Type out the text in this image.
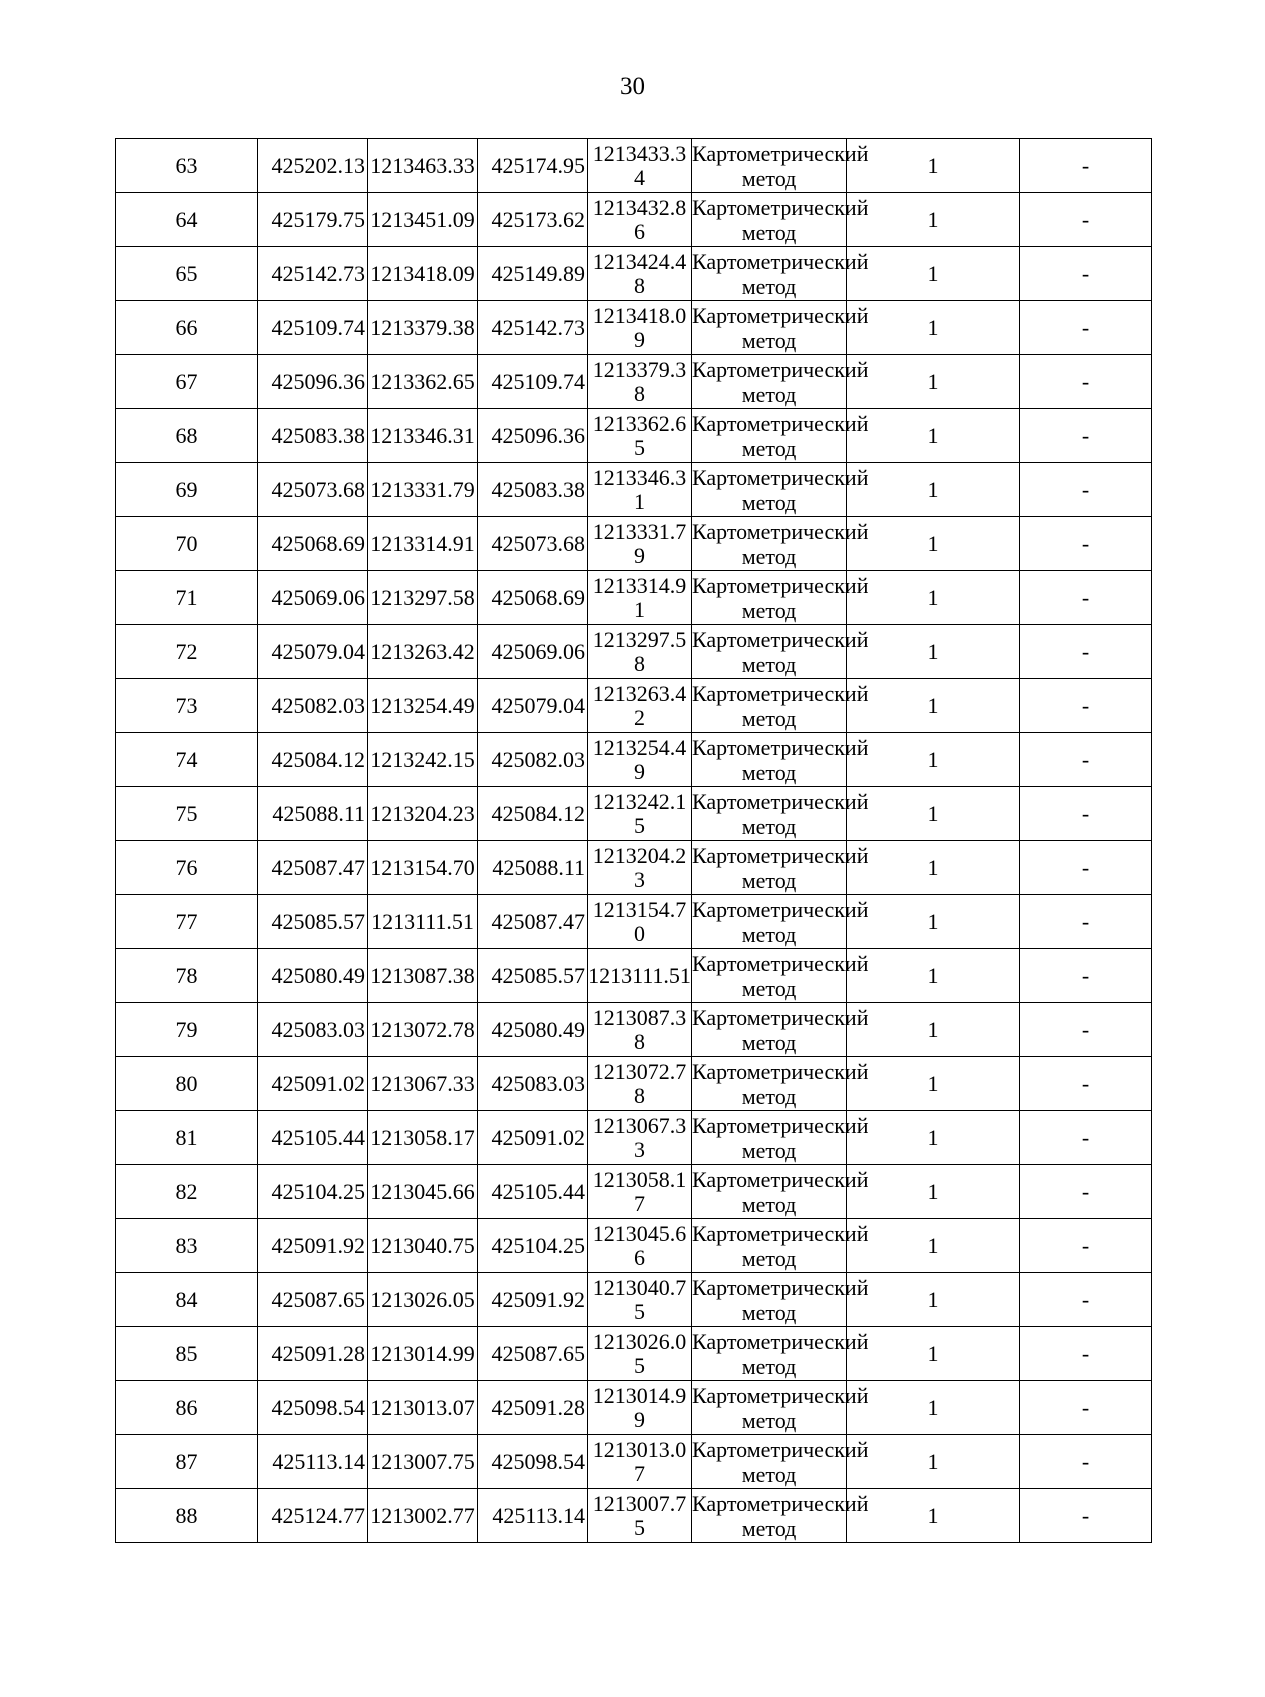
30
63	425202.13	1213463.33	425174.95	1213433.34	Картометрический метод	1	-
64	425179.75	1213451.09	425173.62	1213432.86	Картометрический метод	1	-
65	425142.73	1213418.09	425149.89	1213424.48	Картометрический метод	1	-
66	425109.74	1213379.38	425142.73	1213418.09	Картометрический метод	1	-
67	425096.36	1213362.65	425109.74	1213379.38	Картометрический метод	1	-
68	425083.38	1213346.31	425096.36	1213362.65	Картометрический метод	1	-
69	425073.68	1213331.79	425083.38	1213346.31	Картометрический метод	1	-
70	425068.69	1213314.91	425073.68	1213331.79	Картометрический метод	1	-
71	425069.06	1213297.58	425068.69	1213314.91	Картометрический метод	1	-
72	425079.04	1213263.42	425069.06	1213297.58	Картометрический метод	1	-
73	425082.03	1213254.49	425079.04	1213263.42	Картометрический метод	1	-
74	425084.12	1213242.15	425082.03	1213254.49	Картометрический метод	1	-
75	425088.11	1213204.23	425084.12	1213242.15	Картометрический метод	1	-
76	425087.47	1213154.70	425088.11	1213204.23	Картометрический метод	1	-
77	425085.57	1213111.51	425087.47	1213154.70	Картометрический метод	1	-
78	425080.49	1213087.38	425085.57	1213111.51	Картометрический метод	1	-
79	425083.03	1213072.78	425080.49	1213087.38	Картометрический метод	1	-
80	425091.02	1213067.33	425083.03	1213072.78	Картометрический метод	1	-
81	425105.44	1213058.17	425091.02	1213067.33	Картометрический метод	1	-
82	425104.25	1213045.66	425105.44	1213058.17	Картометрический метод	1	-
83	425091.92	1213040.75	425104.25	1213045.66	Картометрический метод	1	-
84	425087.65	1213026.05	425091.92	1213040.75	Картометрический метод	1	-
85	425091.28	1213014.99	425087.65	1213026.05	Картометрический метод	1	-
86	425098.54	1213013.07	425091.28	1213014.99	Картометрический метод	1	-
87	425113.14	1213007.75	425098.54	1213013.07	Картометрический метод	1	-
88	425124.77	1213002.77	425113.14	1213007.75	Картометрический метод	1	-
